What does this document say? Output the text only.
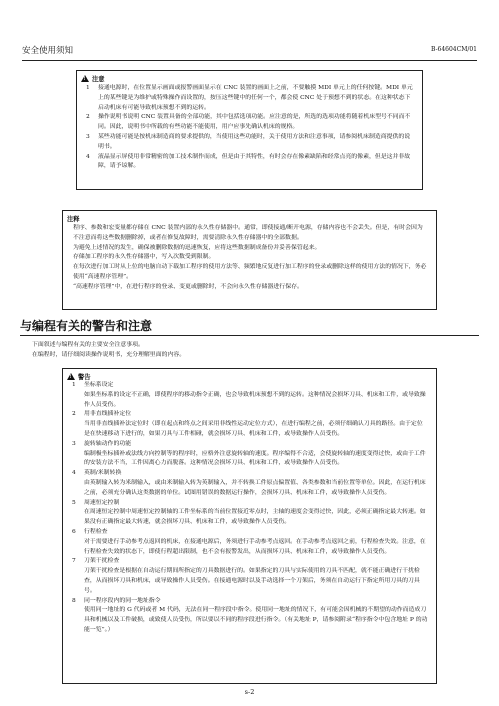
安全使用须知	B-64604CM/01
!
注意
1 接通电源时，在位置显示画面或报警画面显示在 CNC 装置的画面上之前，不要触摸 MDI 单元上的任何按键。MDI 单元上的某些键是为维护或特殊操作而设置的，按压这些键中的任何一个，都会使 CNC 处于预想不到的状态。在这种状态下启动机床有可能导致机床预想不到的运转。
2 操作说明书说明 CNC 装置具备的全部功能，其中包括选项功能。应注意的是，所选的选项功能将随着机床型号不同而不同。因此，说明书中所载的有些功能不能使用，用户应事先确认机床的规格。
3 某些功能可能是按机床制造商的要求提供的，当使用这些功能时，关于使用方法和注意事项，请参阅机床制造商提供的说明书。
4 液晶显示屏使用非常精密的加工技术制作而成，但是由于其特性，有时会存在像素缺陷和经常点亮的像素，但是这并非故障，请予谅解。
注释
程序、参数和宏变量都存储在 CNC 装置内部的永久性存储器中。通常，即使接通/断开电源，存储内容也不会丢失。但是，有时会因为不注意而将这些数据删除掉，或者在修复故障时，需要清除永久性存储器中的全部数据。
为避免上述情况的发生，确保被删除数据的迅速恢复，应将这些数据制成备份并妥善保管起来。
存储加工程序的永久性存储器中，写入次数受到限制。
在每次进行加工时从上位的电脑自动下载加工程序的使用方法等、频繁地反复进行加工程序的登录或删除这样的使用方法的情况下，务必使用“高速程序管理”。
“高速程序管理”中，在进行程序的登录、变更或删除时，不会向永久性存储器进行保存。
与编程有关的警告和注意
下面叙述与编程有关的主要安全注意事项。
在编程时，请仔细阅读操作说明书，充分理解里面的内容。
!
警告
1 坐标系设定
如果坐标系的设定不正确，即使程序的移动指令正确，也会导致机床预想不到的运转。这种情况会损坏刀具、机床和工件，或导致操作人员受伤。
2 用非直线插补定位
当用非直线插补法定位时（即在起点和终点之间采用非线性运动定位方式），在进行编程之前，必须仔细确认刀具的路径。由于定位是在快速移动下进行的，如果刀具与工件相碰，就会损坏刀具、机床和工件，或导致操作人员受伤。
3 旋转轴动作的功能
编制极坐标插补或法线方向控制等的程序时，应格外注意旋转轴的速度。程序编得不合适，会使旋转轴的速度变得过快，或由于工件的安装方法不当，工件因离心力而脱落。这种情况会损坏刀具、机床和工件，或导致操作人员受伤。
4 英制/米制转换
由英制输入转为米制输入，或由米制输入转为英制输入，并不转换工件原点偏置值、各类参数和当前位置等单位。因此，在运行机床之前，必须充分确认这类数据的单位。试图用错误的数据运行操作，会损坏刀具、机床和工件，或导致操作人员受伤。
5 周速恒定控制
在周速恒定控制中周速恒定控制轴的工件坐标系的当前位置接近零点时，主轴的速度会变得过快，因此，必须正确指定最大转速。如果没有正确指定最大转速，就会损坏刀具、机床和工件，或导致操作人员受伤。
6 行程检查
对于需要进行手动参考点返回的机床，在接通电源后，务须进行手动参考点返回。在手动参考点返回之前，行程检查失效。注意，在行程检查失效的状态下，即使行程超出限制，也不会有报警发出，从而损坏刀具、机床和工件，或导致操作人员受伤。
7 刀架干扰检查
刀架干扰检查是根据在自动运行期间所指定的刀具数据进行的。如果指定的刀具与实际使用的刀具不匹配，就不能正确进行干扰检查，从而损坏刀具和机床，或导致操作人员受伤。在接通电源时以及手动选择一个刀架后，务须在自动运行下指定所用刀具的刀具号。
8 同一程序段内的同一地址指令
使用同一地址的 G 代码或者 M 代码，无法在同一程序段中指令。使用同一地址的情况下，有可能会因机械的不期望的动作而造成刀具和机械以及工件破损，或致使人员受伤，所以要以不同的程序段进行指令。（有关地址 P，请参阅附录“程序指令中包含地址 P 的功能一览”。）
s-2
